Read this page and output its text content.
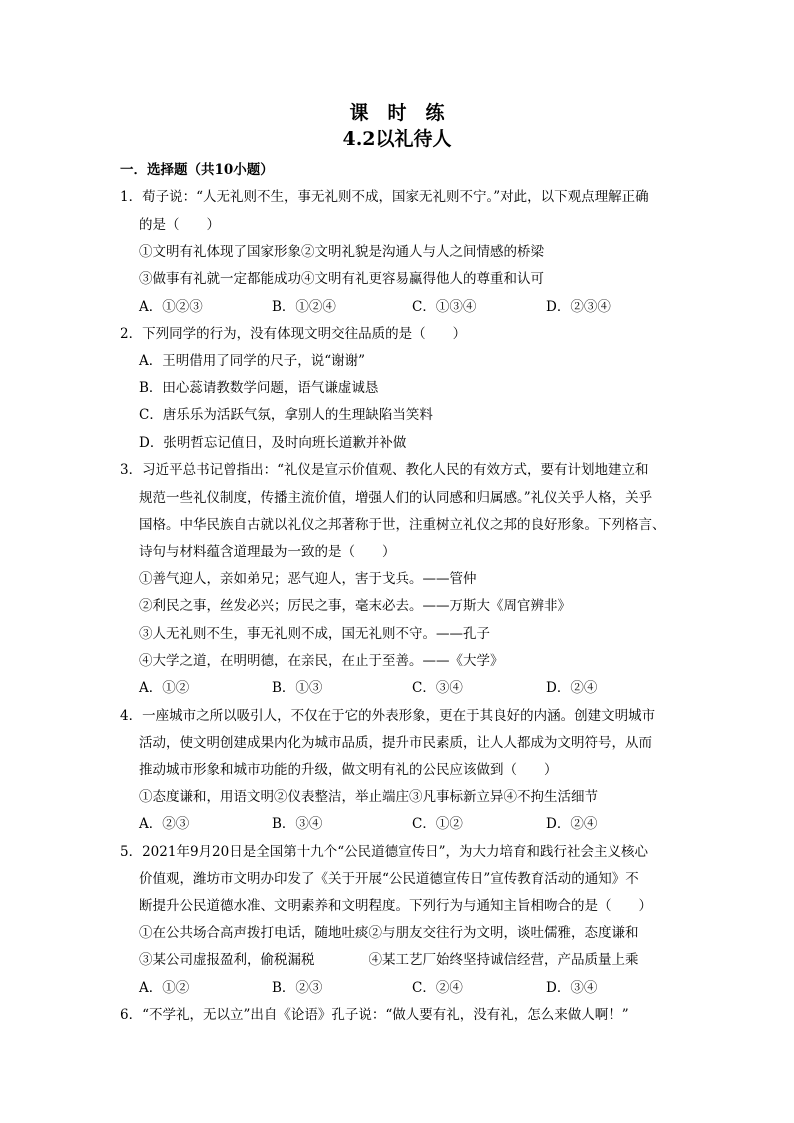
课　时　练
4.2以礼待人
一．选择题（共10小题）
1．荀子说：“人无礼则不生，事无礼则不成，国家无礼则不宁。”对此，以下观点理解正确
的是（　　）
①文明有礼体现了国家形象②文明礼貌是沟通人与人之间情感的桥梁
③做事有礼就一定都能成功④文明有礼更容易赢得他人的尊重和认可
A．①②③	B．①②④	C．①③④	D．②③④
2．下列同学的行为，没有体现文明交往品质的是（　　）
A．王明借用了同学的尺子，说“谢谢”
B．田心蕊请教数学问题，语气谦虚诚恳
C．唐乐乐为活跃气氛，拿别人的生理缺陷当笑料
D．张明哲忘记值日，及时向班长道歉并补做
3．习近平总书记曾指出：“礼仪是宣示价值观、教化人民的有效方式，要有计划地建立和
规范一些礼仪制度，传播主流价值，增强人们的认同感和归属感。”礼仪关乎人格，关乎
国格。中华民族自古就以礼仪之邦著称于世，注重树立礼仪之邦的良好形象。下列格言、
诗句与材料蕴含道理最为一致的是（　　）
①善气迎人，亲如弟兄；恶气迎人，害于戈兵。——管仲
②利民之事，丝发必兴；厉民之事，毫末必去。——万斯大《周官辨非》
③人无礼则不生，事无礼则不成，国无礼则不守。——孔子
④大学之道，在明明德，在亲民，在止于至善。——《大学》
A．①②	B．①③	C．③④	D．②④
4．一座城市之所以吸引人，不仅在于它的外表形象，更在于其良好的内涵。创建文明城市
活动，使文明创建成果内化为城市品质，提升市民素质，让人人都成为文明符号，从而
推动城市形象和城市功能的升级，做文明有礼的公民应该做到（　　）
①态度谦和，用语文明②仪表整洁，举止端庄③凡事标新立异④不拘生活细节
A．②③	B．③④	C．①②	D．②④
5．2021年9月20日是全国第十九个“公民道德宣传日”，为大力培育和践行社会主义核心
价值观，潍坊市文明办印发了《关于开展“公民道德宣传日”宣传教育活动的通知》不
断提升公民道德水准、文明素养和文明程度。下列行为与通知主旨相吻合的是（　　）
①在公共场合高声拨打电话，随地吐痰②与朋友交往行为文明，谈吐儒雅，态度谦和
③某公司虚报盈利，偷税漏税　　　　④某工艺厂始终坚持诚信经营，产品质量上乘
A．①②	B．②③	C．②④	D．③④
6．“不学礼，无以立”出自《论语》孔子说：“做人要有礼，没有礼，怎么来做人啊！”
